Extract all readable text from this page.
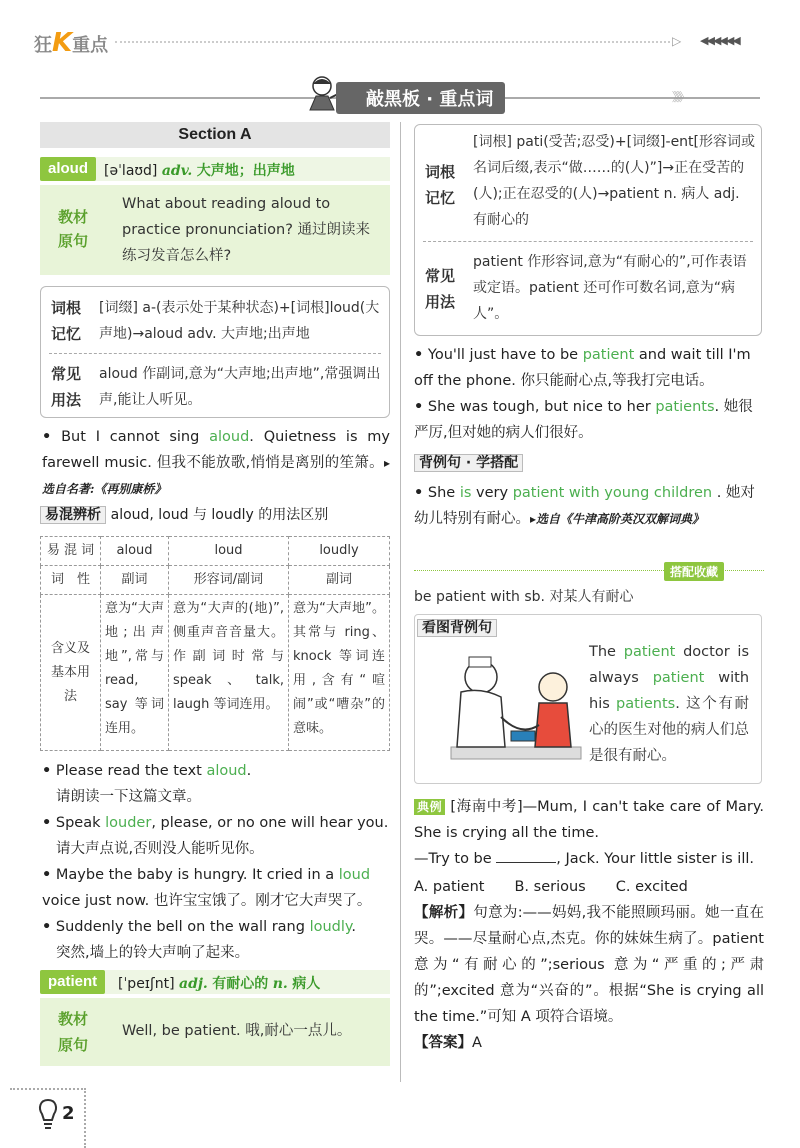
狂K重点	▷ ◀◀◀◀◀◀
敲黑板 · 重点词	》》》
Section A
aloud	[əˈlaʊd] adv. 大声地；出声地
教材
原句
What about reading aloud to practice pronunciation? 通过朗读来练习发音怎么样?
词根
记忆
[词缀] a-(表示处于某种状态)+[词根]loud(大声地)→aloud adv. 大声地;出声地
常见
用法
aloud 作副词,意为“大声地;出声地”,常强调出声,能让人听见。
• But I cannot sing aloud. Quietness is my farewell music. 但我不能放歌,悄悄是离别的笙箫。▸选自名著:《再别康桥》
易混辨析 aloud, loud 与 loudly 的用法区别
易 混 词	aloud	loud	loudly
词　性	副词	形容词/副词	副词
含义及基本用法	意为“大声地;出声地”,常与 read, say 等词连用。	意为“大声的(地)”,侧重声音音量大。作副词时常与 speak、talk, laugh 等词连用。	意为“大声地”。其常与 ring、knock 等词连用,含有“喧闹”或“嘈杂”的意味。
• Please read the text aloud.
请朗读一下这篇文章。
• Speak louder, please, or no one will hear you.
请大声点说,否则没人能听见你。
• Maybe the baby is hungry. It cried in a loud voice just now. 也许宝宝饿了。刚才它大声哭了。
• Suddenly the bell on the wall rang loudly.
突然,墙上的铃大声响了起来。
patient	[ˈpeɪʃnt] adj. 有耐心的 n. 病人
教材
原句
Well, be patient. 哦,耐心一点儿。
2
词根
记忆
[词根] pati(受苦;忍受)+[词缀]-ent[形容词或名词后缀,表示“做……的(人)”]→正在受苦的(人);正在忍受的(人)→patient n. 病人 adj. 有耐心的
常见
用法
patient 作形容词,意为“有耐心的”,可作表语或定语。patient 还可作可数名词,意为“病人”。
• You'll just have to be patient and wait till I'm off the phone. 你只能耐心点,等我打完电话。
• She was tough, but nice to her patients. 她很严厉,但对她的病人们很好。
背例句 · 学搭配
• She is very patient with young children . 她对幼儿特别有耐心。▸选自《牛津高阶英汉双解词典》
搭配收藏
be patient with sb. 对某人有耐心
看图背例句
The patient doctor is always patient with his patients. 这个有耐心的医生对他的病人们总是很有耐心。
典例 [海南中考]—Mum, I can't take care of Mary. She is crying all the time.
—Try to be	, Jack. Your little sister is ill.
A. patient B. serious C. excited
【解析】句意为:——妈妈,我不能照顾玛丽。她一直在哭。——尽量耐心点,杰克。你的妹妹生病了。patient 意为“有耐心的”;serious 意为“严重的;严肃的”;excited 意为“兴奋的”。根据“She is crying all the time.”可知 A 项符合语境。
【答案】A
